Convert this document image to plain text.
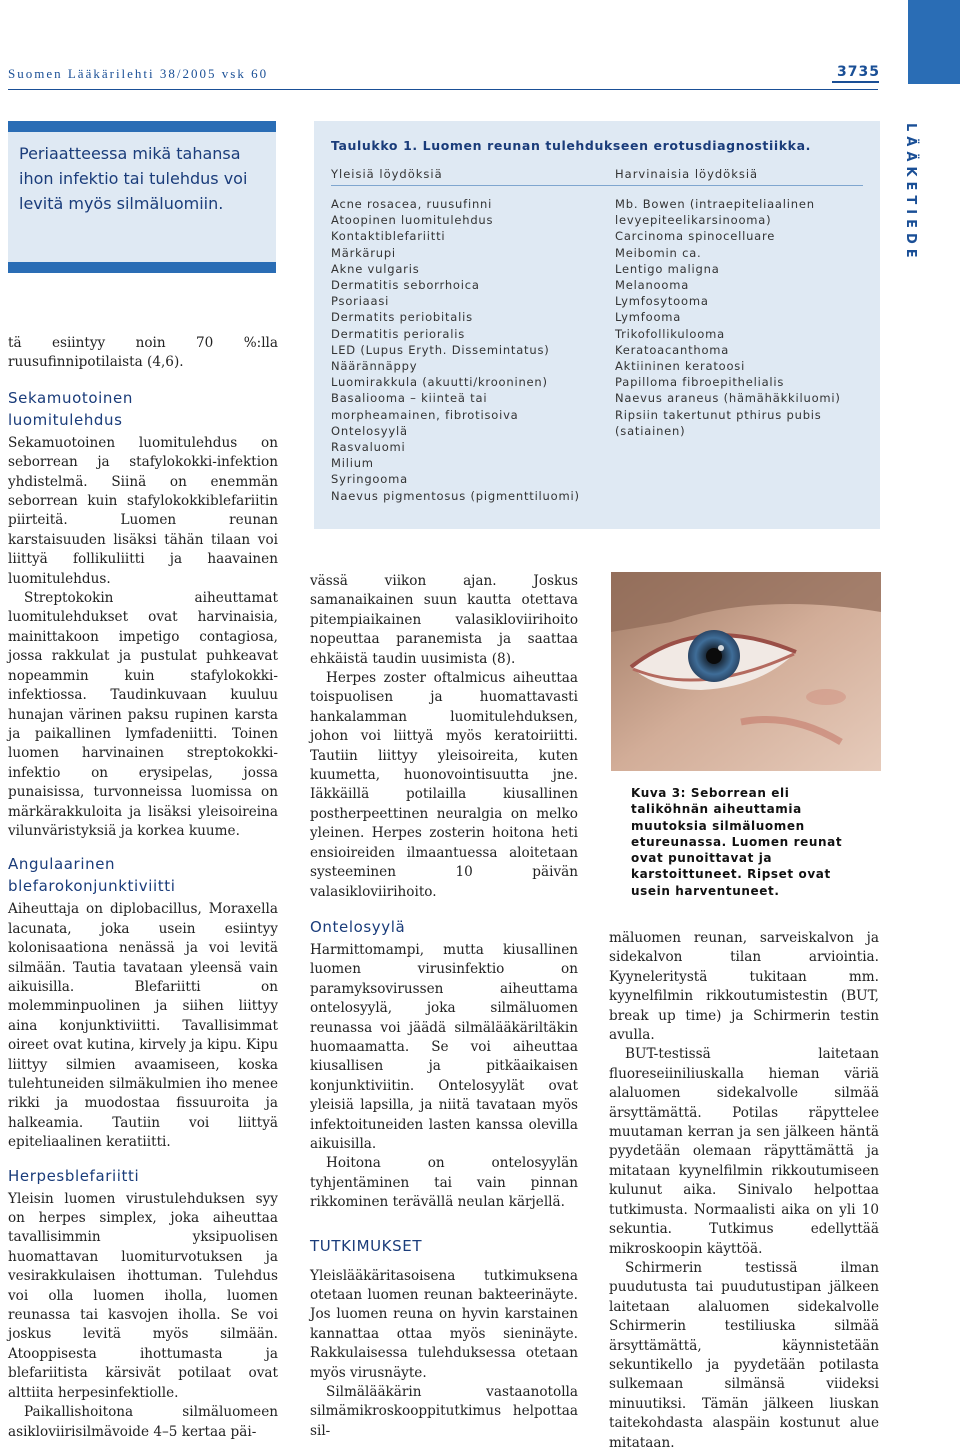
Suomen Lääkärilehti 38/2005 vsk 60	3735
LÄÄKETIEDE
Periaatteessa mikä tahansa ihon infektio tai tulehdus voi levitä myös silmäluomiin.

tä esiintyy noin 70 %:lla ruusufinnipotilaista (4,6).

Sekamuotoinen luomitulehdus

Sekamuotoinen luomitulehdus on seborrean ja stafylokokki-infektion yhdistelmä. Siinä on enemmän seborrean kuin stafylokokkiblefariitin piirteitä. Luomen reunan karstaisuuden lisäksi tähän tilaan voi liittyä follikuliitti ja haavainen luomitulehdus.

Streptokokin aiheuttamat luomitulehdukset ovat harvinaisia, mainittakoon impetigo contagiosa, jossa rakkulat ja pustulat puhkeavat nopeammin kuin stafylokokki-infektiossa. Taudinkuvaan kuuluu hunajan värinen paksu rupinen karsta ja paikallinen lymfadeniitti. Toinen luomen harvinainen streptokokki-infektio on erysipelas, jossa punaisissa, turvonneissa luomissa on märkärakkuloita ja lisäksi yleisoireina vilunväristyksiä ja korkea kuume.

Angulaarinen blefarokonjunktiviitti

Aiheuttaja on diplobacillus, Moraxella lacunata, joka usein esiintyy kolonisaationa nenässä ja voi levitä silmään. Tautia tavataan yleensä vain aikuisilla. Blefariitti on molemminpuolinen ja siihen liittyy aina konjunktiviitti. Tavallisimmat oireet ovat kutina, kirvely ja kipu. Kipu liittyy silmien avaamiseen, koska tulehtuneiden silmäkulmien iho menee rikki ja muodostaa fissuuroita ja halkeamia. Tautiin voi liittyä epiteliaalinen keratiitti.

Herpesblefariitti

Yleisin luomen virustulehduksen syy on herpes simplex, joka aiheuttaa tavallisimmin yksipuolisen huomattavan luomiturvotuksen ja vesirakkulaisen ihottuman. Tulehdus voi olla luomen iholla, luomen reunassa tai kasvojen iholla. Se voi joskus levitä myös silmään. Atooppisesta ihottumasta ja blefariitista kärsivät potilaat ovat alttiita herpesinfektiolle.

Paikallishoitona silmäluomeen asikloviirisilmävoide 4–5 kertaa päi-

Taulukko 1. Luomen reunan tulehdukseen erotusdiagnostiikka.
Yleisiä löydöksiä	Harvinaisia löydöksiä
Acne rosacea, ruusufinni
Atoopinen luomitulehdus
Kontaktiblefariitti
Märkärupi
Akne vulgaris
Dermatitis seborrhoica
Psoriaasi
Dermatits periobitalis
Dermatitis perioralis
LED (Lupus Eryth. Dissemintatus)
Näärännäppy
Luomirakkula (akuutti/krooninen)
Basaliooma – kiinteä tai
morpheamainen, fibrotisoiva
Ontelosyylä
Rasvaluomi
Milium
Syringooma
Naevus pigmentosus (pigmenttiluomi)
Mb. Bowen (intraepiteliaalinen
levyepiteelikarsinooma)
Carcinoma spinocelluare
Meibomin ca.
Lentigo maligna
Melanooma
Lymfosytooma
Lymfooma
Trikofollikulooma
Keratoacanthoma
Aktiininen keratoosi
Papilloma fibroepithelialis
Naevus araneus (hämähäkkiluomi)
Ripsiin takertunut pthirus pubis
(satiainen)

vässä viikon ajan. Joskus samanaikainen suun kautta otettava pitempiaikainen valasikloviirihoito nopeuttaa paranemista ja saattaa ehkäistä taudin uusimista (8).

Herpes zoster oftalmicus aiheuttaa toispuolisen ja huomattavasti hankalamman luomitulehduksen, johon voi liittyä myös keratoiriitti. Tautiin liittyy yleisoireita, kuten kuumetta, huonovointisuutta jne. Iäkkäillä potilailla kiusallinen postherpeettinen neuralgia on melko yleinen. Herpes zosterin hoitona heti ensioireiden ilmaantuessa aloitetaan systeeminen 10 päivän valasikloviirihoito.

Ontelosyylä

Harmittomampi, mutta kiusallinen luomen virusinfektio on paramyksovirussen aiheuttama ontelosyylä, joka silmäluomen reunassa voi jäädä silmälääkäriltäkin huomaamatta. Se voi aiheuttaa kiusallisen ja pitkäaikaisen konjunktiviitin. Ontelosyylät ovat yleisiä lapsilla, ja niitä tavataan myös infektoituneiden lasten kanssa olevilla aikuisilla.

Hoitona on ontelosyylän tyhjentäminen tai vain pinnan rikkominen terävällä neulan kärjellä.

TUTKIMUKSET

Yleislääkäritasoisena tutkimuksena otetaan luomen reunan bakteerinäyte. Jos luomen reuna on hyvin karstainen kannattaa ottaa myös sieninäyte. Rakkulaisessa tulehduksessa otetaan myös virusnäyte.

Silmälääkärin vastaanotolla silmämikroskooppitutkimus helpottaa sil-

Kuva 3: Seborrean eli taliköhnän aiheuttamia muutoksia silmäluomen etureunassa. Luomen reunat ovat punoittavat ja karstoittuneet. Ripset ovat usein harventuneet.

mäluomen reunan, sarveiskalvon ja sidekalvon tilan arviointia. Kyyneleritystä tukitaan mm. kyynelfilmin rikkoutumistestin (BUT, break up time) ja Schirmerin testin avulla.

BUT-testissä laitetaan fluoreseiiniliuskalla hieman väriä alaluomen sidekalvolle silmää ärsyttämättä. Potilas räpyttelee muutaman kerran ja sen jälkeen häntä pyydetään olemaan räpyttämättä ja mitataan kyynelfilmin rikkoutumiseen kulunut aika. Sinivalo helpottaa tutkimusta. Normaalisti aika on yli 10 sekuntia. Tutkimus edellyttää mikroskoopin käyttöä.

Schirmerin testissä ilman puudutusta tai puudutustipan jälkeen laitetaan alaluomen sidekalvolle Schirmerin testiliuska silmää ärsyttämättä, käynnistetään sekuntikello ja pyydetään potilasta sulkemaan silmänsä viideksi minuutiksi. Tämän jälkeen liuskan taitekohdasta alaspäin kostunut alue mitataan.
